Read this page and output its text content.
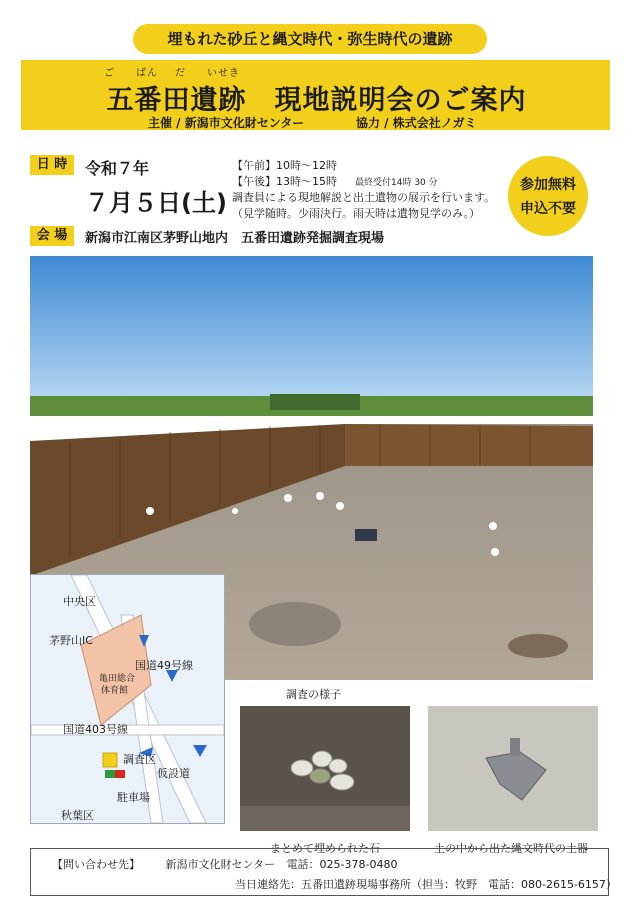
埋もれた砂丘と縄文時代・弥生時代の遺跡
ご ばん だ いせき
五番田遺跡　現地説明会のご案内
主催 / 新潟市文化財センター	協力 / 株式会社ノガミ
日 時	令和７年
７月５日(土)
【午前】10時～12時
【午後】13時～15時 最終受付14時 30 分
調査員による現地解説と出土遺物の展示を行います。
（見学随時。少雨決行。雨天時は遺物見学のみ。）
参加無料
申込不要
会 場	新潟市江南区茅野山地内　五番田遺跡発掘調査現場
中央区
茅野山IC
国道49号線
亀田総合
体育館
国道403号線
調査区
仮設道
駐車場
秋葉区
調査の様子
まとめて埋められた石	土の中から出た縄文時代の土器
【問い合わせ先】 新潟市文化財センター 電話：025-378-0480
当日連絡先：五番田遺跡現場事務所（担当：牧野　電話：080-2615-6157）
